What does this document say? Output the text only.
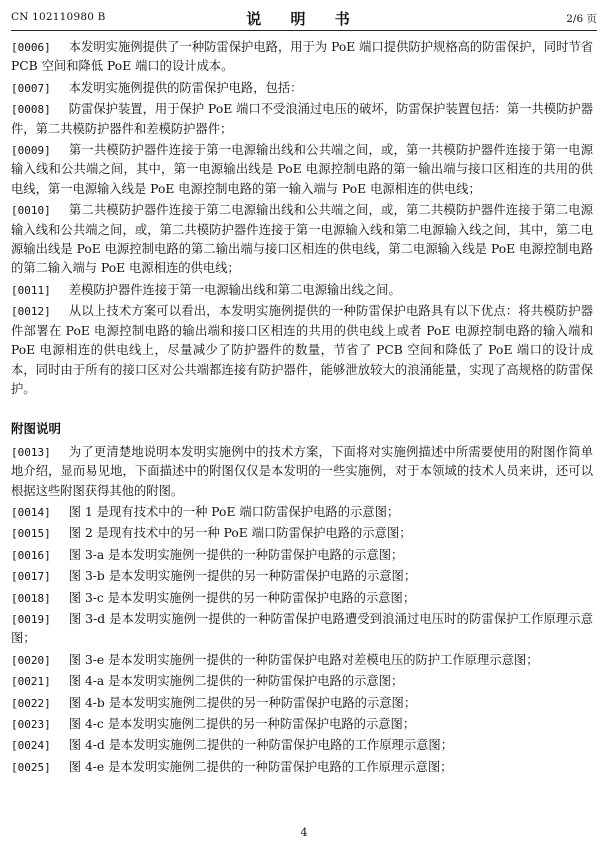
CN 102110980 B	说 明 书	2/6 页

[0006] 本发明实施例提供了一种防雷保护电路，用于为 PoE 端口提供防护规格高的防雷保护，同时节省 PCB 空间和降低 PoE 端口的设计成本。

[0007] 本发明实施例提供的防雷保护电路，包括：

[0008] 防雷保护装置，用于保护 PoE 端口不受浪涌过电压的破坏，防雷保护装置包括：第一共模防护器件，第二共模防护器件和差模防护器件；

[0009] 第一共模防护器件连接于第一电源输出线和公共端之间，或，第一共模防护器件连接于第一电源输入线和公共端之间，其中，第一电源输出线是 PoE 电源控制电路的第一输出端与接口区相连的共用的供电线，第一电源输入线是 PoE 电源控制电路的第一输入端与 PoE 电源相连的供电线；

[0010] 第二共模防护器件连接于第二电源输出线和公共端之间，或，第二共模防护器件连接于第二电源输入线和公共端之间，或，第二共模防护器件连接于第一电源输入线和第二电源输入线之间，其中，第二电源输出线是 PoE 电源控制电路的第二输出端与接口区相连的供电线，第二电源输入线是 PoE 电源控制电路的第二输入端与 PoE 电源相连的供电线；

[0011] 差模防护器件连接于第一电源输出线和第二电源输出线之间。

[0012] 从以上技术方案可以看出，本发明实施例提供的一种防雷保护电路具有以下优点：将共模防护器件部署在 PoE 电源控制电路的输出端和接口区相连的共用的供电线上或者 PoE 电源控制电路的输入端和 PoE 电源相连的供电线上，尽量减少了防护器件的数量，节省了 PCB 空间和降低了 PoE 端口的设计成本，同时由于所有的接口区对公共端都连接有防护器件，能够泄放较大的浪涌能量，实现了高规格的防雷保护。

附图说明

[0013] 为了更清楚地说明本发明实施例中的技术方案，下面将对实施例描述中所需要使用的附图作简单地介绍，显而易见地，下面描述中的附图仅仅是本发明的一些实施例，对于本领域的技术人员来讲，还可以根据这些附图获得其他的附图。

[0014] 图 1 是现有技术中的一种 PoE 端口防雷保护电路的示意图；

[0015] 图 2 是现有技术中的另一种 PoE 端口防雷保护电路的示意图；

[0016] 图 3-a 是本发明实施例一提供的一种防雷保护电路的示意图；

[0017] 图 3-b 是本发明实施例一提供的另一种防雷保护电路的示意图；

[0018] 图 3-c 是本发明实施例一提供的另一种防雷保护电路的示意图；

[0019] 图 3-d 是本发明实施例一提供的一种防雷保护电路遭受到浪涌过电压时的防雷保护工作原理示意图；

[0020] 图 3-e 是本发明实施例一提供的一种防雷保护电路对差模电压的防护工作原理示意图；

[0021] 图 4-a 是本发明实施例二提供的一种防雷保护电路的示意图；

[0022] 图 4-b 是本发明实施例二提供的另一种防雷保护电路的示意图；

[0023] 图 4-c 是本发明实施例二提供的另一种防雷保护电路的示意图；

[0024] 图 4-d 是本发明实施例二提供的一种防雷保护电路的工作原理示意图；

[0025] 图 4-e 是本发明实施例二提供的一种防雷保护电路的工作原理示意图；

4
